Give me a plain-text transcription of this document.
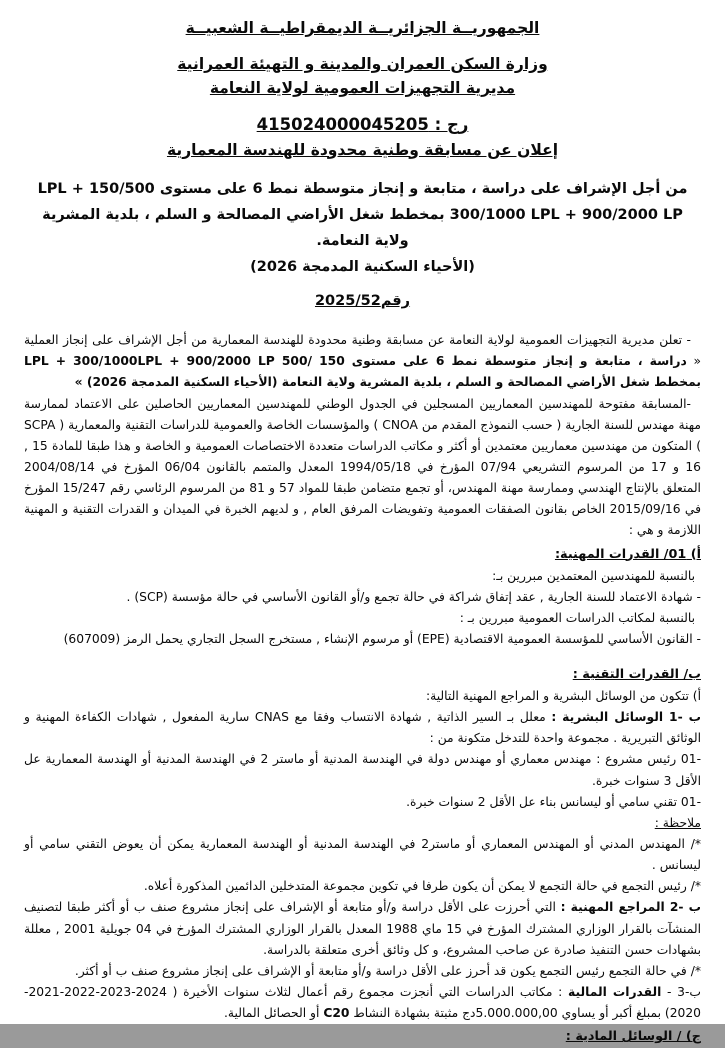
الجمهوريــة الجزائريــة الديمقراطيــة الشعبيــة

وزارة السكن العمران والمدينة و التهيئة العمرانية

مديرية التجهيزات العمومية لولاية النعامة

رج : 415024000045205

إعلان عن مسابقة وطنية محدودة للهندسة المعمارية

من أجل الإشراف على دراسة ، متابعة و إنجاز متوسطة نمط 6 على مستوى 150/500 LPL + 300/1000 LPL + 900/2000 LP بمخطط شغل الأراضي المصالحة و السلم ، بلدية المشرية ولاية النعامة.

(الأحياء السكنية المدمجة 2026)

رقم2025/52

- تعلن مديرية التجهيزات العمومية لولاية النعامة عن مسابقة وطنية محدودة للهندسة المعمارية من أجل الإشراف على إنجاز العملية « دراسة ، متابعة و إنجاز متوسطة نمط 6 على مستوى 150 /500 LPL + 300/1000LPL + 900/2000 LP بمخطط شغل الأراضي المصالحة و السلم ، بلدية المشرية ولاية النعامة (الأحياء السكنية المدمجة 2026) »

-المسابقة مفتوحة للمهندسين المعماريين المسجلين في الجدول الوطني للمهندسين المعماريين الحاصلين على الاعتماد لممارسة مهنة مهندس للسنة الجارية ( حسب النموذج المقدم من CNOA ) والمؤسسات الخاصة والعمومية للدراسات التقنية والمعمارية ( SCPA ) المتكون من مهندسين معماريين معتمدين أو أكثر و مكاتب الدراسات متعددة الاختصاصات العمومية و الخاصة و هذا طبقا للمادة 15 , 16 و 17 من المرسوم التشريعي 07/94 المؤرخ في 1994/05/18 المعدل والمتمم بالقانون 06/04 المؤرخ في 2004/08/14 المتعلق بالإنتاج الهندسي وممارسة مهنة المهندس، أو تجمع متضامن طبقا للمواد 57 و 81 من المرسوم الرئاسي رقم 15/247 المؤرخ في 2015/09/16 الخاص بقانون الصفقات العمومية وتفويضات المرفق العام , و لديهم الخبرة في الميدان و القدرات التقنية و المهنية اللازمة و هي :

أ) 01/ القدرات المهنية:

بالنسبة للمهندسين المعتمدين مبررين بـ:

- شهادة الاعتماد للسنة الجارية , عقد إتفاق شراكة في حالة تجمع و/أو القانون الأساسي في حالة مؤسسة (SCP) .

بالنسبة لمكاتب الدراسات العمومية مبررين بـ :

- القانون الأساسي للمؤسسة العمومية الاقتصادية (EPE) أو مرسوم الإنشاء , مستخرج السجل التجاري يحمل الرمز (607009)

ب/ القدرات التقنية :

أ) تتكون من الوسائل البشرية و المراجع المهنية التالية:

ب -1 الوسائل البشرية : معلل بـ السير الذاتية , شهادة الانتساب وفقا مع CNAS سارية المفعول , شهادات الكفاءة المهنية و الوثائق التبريرية . مجموعة واحدة للتدخل متكونة من :

-01 رئيس مشروع : مهندس معماري أو مهندس دولة في الهندسة المدنية أو ماستر 2 في الهندسة المدنية أو الهندسة المعمارية عل الأقل 3 سنوات خبرة.

-01 تقني سامي أو ليسانس بناء عل الأقل 2 سنوات خبرة.

ملاحظة :

*/ المهندس المدني أو المهندس المعماري أو ماستر2 في الهندسة المدنية أو الهندسة المعمارية يمكن أن يعوض التقني سامي أو ليسانس .

*/ رئيس التجمع في حالة التجمع لا يمكن أن يكون طرفا في تكوين مجموعة المتدخلين الدائمين المذكورة أعلاه.

ب -2 المراجع المهنية : التي أحرزت على الأقل دراسة و/أو متابعة أو الإشراف على إنجاز مشروع صنف ب أو أكثر طبقا لتصنيف المنشآت بالقرار الوزاري المشترك المؤرخ في 15 ماي 1988 المعدل بالقرار الوزاري المشترك المؤرخ في 04 جويلية 2001 , معللة بشهادات حسن التنفيذ صادرة عن صاحب المشروع، و كل وثائق أخرى متعلقة بالدراسة.

*/ في حالة التجمع رئيس التجمع يكون قد أحرز على الأقل دراسة و/أو متابعة أو الإشراف على إنجاز مشروع صنف ب أو أكثر.

ب-3 - القدرات المالية : مكاتب الدراسات التي أنجزت مجموع رقم أعمال لثلاث سنوات الأخيرة ( 2024-2023-2022-2021-2020) بمبلغ أكبر أو يساوي 5.000.000,00دج مثبتة بشهادة النشاط C20 أو الحصائل المالية.

ج) / الوسائل المادية :
